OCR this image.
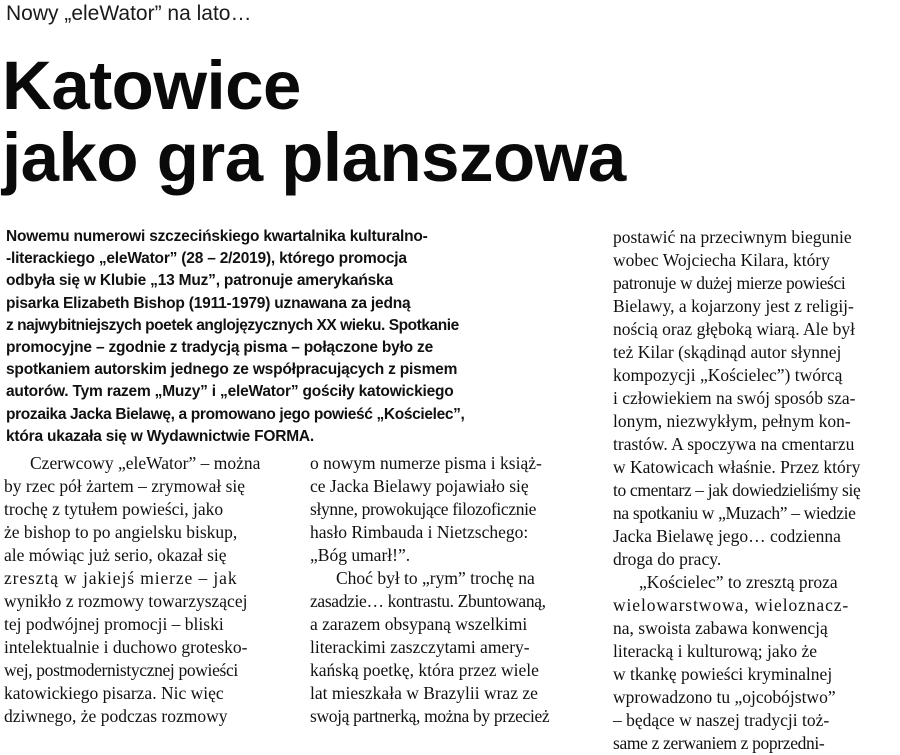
Nowy „eleWator” na lato…
Katowice
jako gra planszowa
Nowemu numerowi szczecińskiego kwartalnika kulturalno-
-literackiego „eleWator” (28 – 2/2019), którego promocja
odbyła się w Klubie „13 Muz”, patronuje amerykańska
pisarka Elizabeth Bishop (1911-1979) uznawana za jedną
z najwybitniejszych poetek anglojęzycznych XX wieku. Spotkanie
promocyjne – zgodnie z tradycją pisma – połączone było ze
spotkaniem autorskim jednego ze współpracujących z pismem
autorów. Tym razem „Muzy” i „eleWator” gościły katowickiego
prozaika Jacka Bielawę, a promowano jego powieść „Kościelec”,
która ukazała się w Wydawnictwie FORMA.
Czerwcowy „eleWator” – można
by rzec pół żartem – zrymował się
trochę z tytułem powieści, jako
że bishop to po angielsku biskup,
ale mówiąc już serio, okazał się
zresztą w jakiejś mierze – jak
wynikło z rozmowy towarzyszącej
tej podwójnej promocji – bliski
intelektualnie i duchowo grotesko-
wej, postmodernistycznej powieści
katowickiego pisarza. Nic więc
dziwnego, że podczas rozmowy
o nowym numerze pisma i książ-
ce Jacka Bielawy pojawiało się
słynne, prowokujące filozoficznie
hasło Rimbauda i Nietzschego:
„Bóg umarł!”.
Choć był to „rym” trochę na
zasadzie… kontrastu. Zbuntowaną,
a zarazem obsypaną wszelkimi
literackimi zaszczytami amery-
kańską poetkę, która przez wiele
lat mieszkała w Brazylii wraz ze
swoją partnerką, można by przecież
postawić na przeciwnym biegunie
wobec Wojciecha Kilara, który
patronuje w dużej mierze powieści
Bielawy, a kojarzony jest z religij-
nością oraz głęboką wiarą. Ale był
też Kilar (skądinąd autor słynnej
kompozycji „Kościelec”) twórcą
i człowiekiem na swój sposób sza-
lonym, niezwykłym, pełnym kon-
trastów. A spoczywa na cmentarzu
w Katowicach właśnie. Przez który
to cmentarz – jak dowiedzieliśmy się
na spotkaniu w „Muzach” – wiedzie
Jacka Bielawę jego… codzienna
droga do pracy.
„Kościelec” to zresztą proza
wielowarstwowa, wieloznacz-
na, swoista zabawa konwencją
literacką i kulturową; jako że
w tkankę powieści kryminalnej
wprowadzono tu „ojcobójstwo”
– będące w naszej tradycji toż-
same z zerwaniem z poprzedni-
